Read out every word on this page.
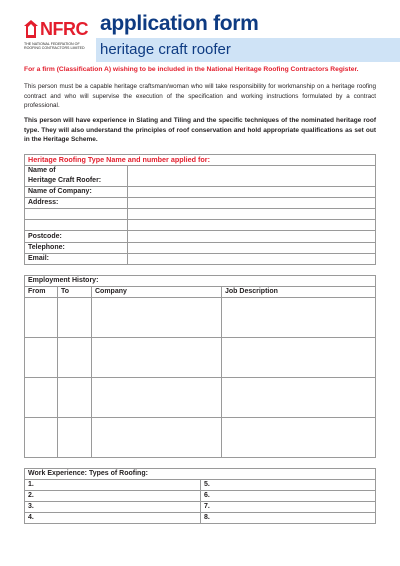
NFRC
THE NATIONAL FEDERATION OF
ROOFING CONTRACTORS LIMITED
application form
heritage craft roofer
For a firm (Classification A) wishing to be included in the National Heritage Roofing Contractors Register.
This person must be a capable heritage craftsman/woman who will take responsibility for workmanship on a heritage roofing contract and who will supervise the execution of the specification and working instructions formulated by a contract professional.
This person will have experience in Slating and Tiling and the specific techniques of the nominated heritage roof type. They will also understand the principles of roof conservation and hold appropriate qualifications as set out in the Heritage Scheme.
Heritage Roofing Type Name and number applied for:	

Name of
Heritage Craft Roofer:	

Name of Company:	
Address:	

Postcode:	
Telephone:	
Email:	
Employment History:			
From	To	Company	Job Description

Work Experience: Types of Roofing:	
1.	5.
2.	6.
3.	7.
4.	8.
